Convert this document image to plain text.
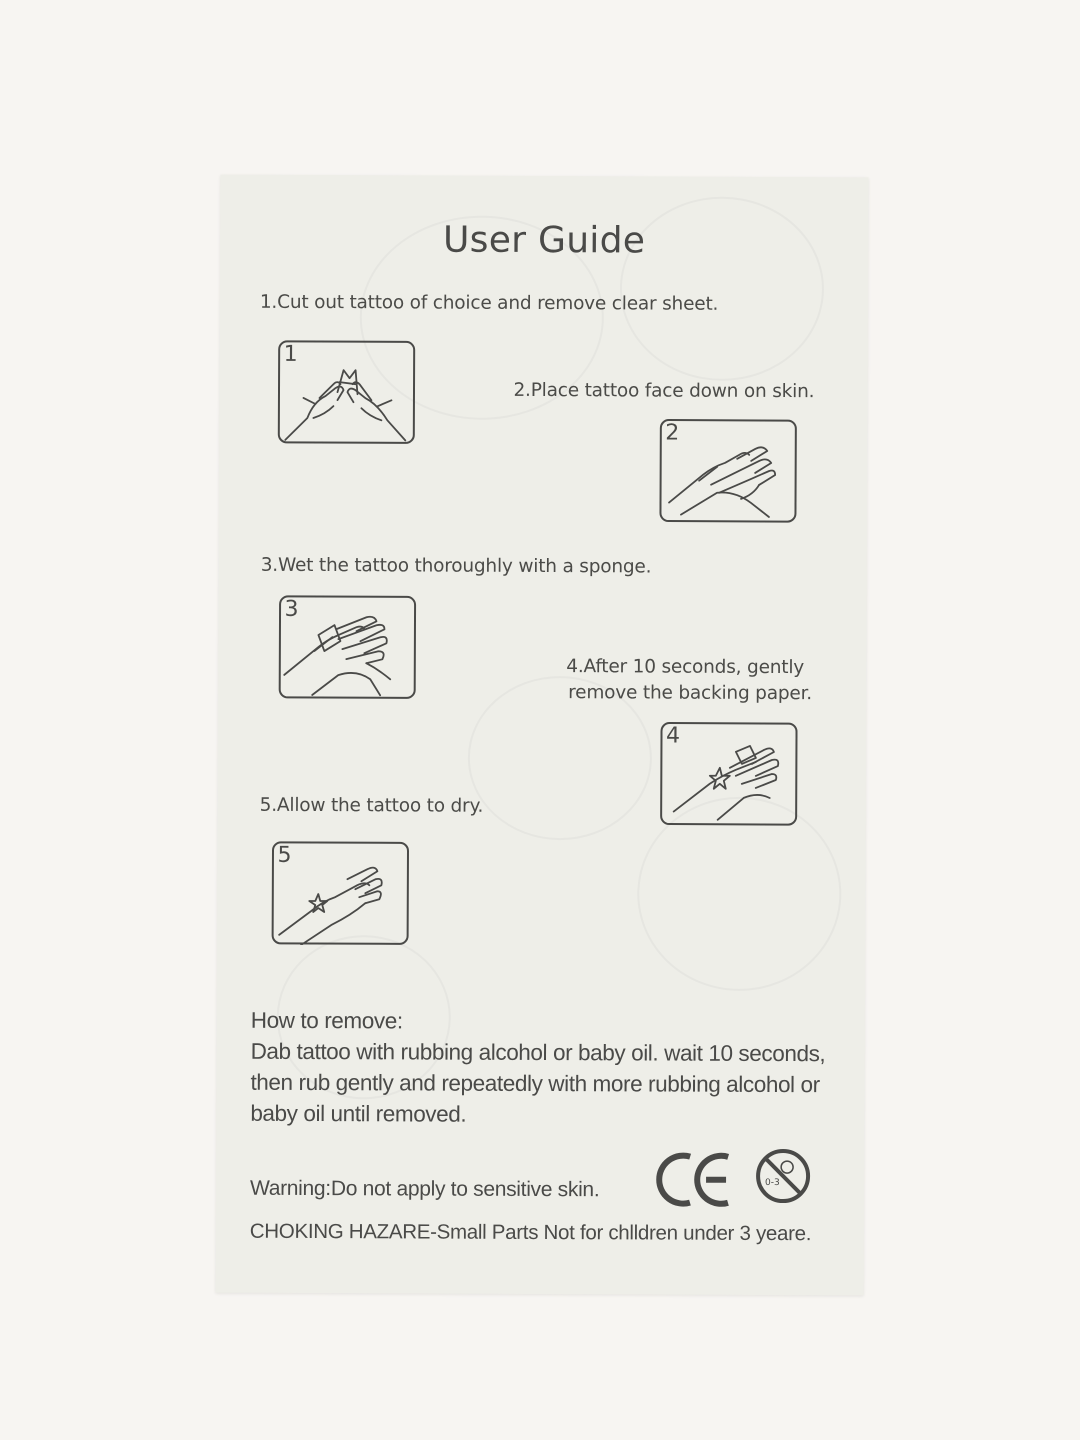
User Guide
1.Cut out tattoo of choice and remove clear sheet.
1
2.Place tattoo face down on skin.
2
3.Wet the tattoo thoroughly with a sponge.
3
4.After 10 seconds, gently
remove the backing paper.
4
5.Allow the tattoo to dry.
5
How to remove:
Dab tattoo with rubbing alcohol or baby oil. wait 10 seconds,
then rub gently and repeatedly with more rubbing alcohol or
baby oil until removed.
0-3
Warning:Do not apply to sensitive skin.
CHOKING HAZARE-Small Parts Not for chlldren under 3 yeare.
